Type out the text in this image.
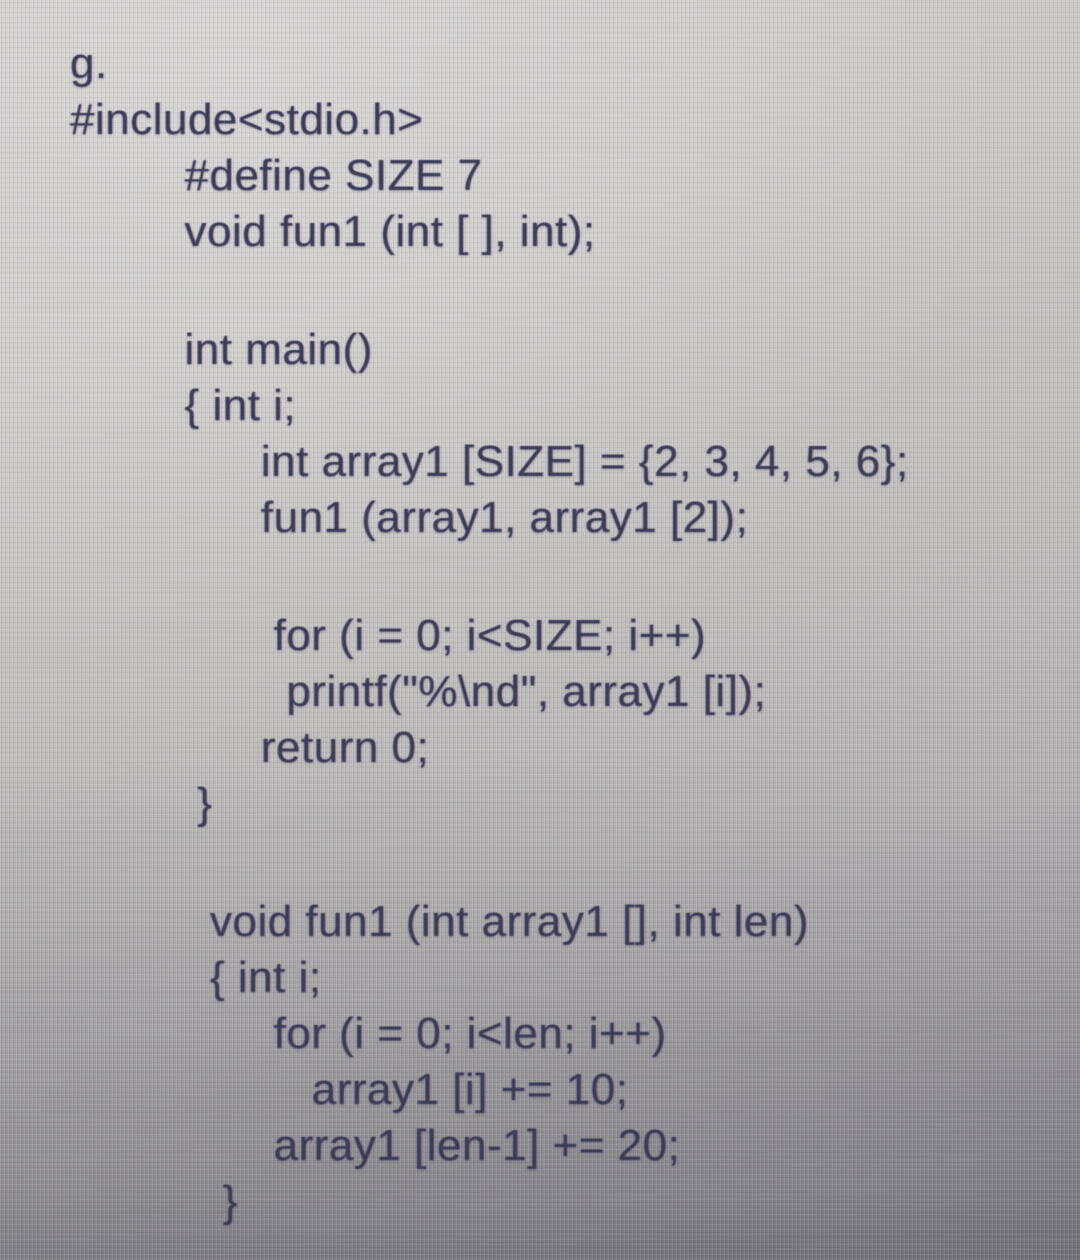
g.
#include<stdio.h>
#define SIZE 7
void fun1 (int [ ], int);
int main()
{ int i;
int array1 [SIZE] = {2, 3, 4, 5, 6};
fun1 (array1, array1 [2]);
for (i = 0; i<SIZE; i++)
printf("%\nd", array1 [i]);
return 0;
}
void fun1 (int array1 [], int len)
{ int i;
for (i = 0; i<len; i++)
array1 [i] += 10;
array1 [len-1] += 20;
}
